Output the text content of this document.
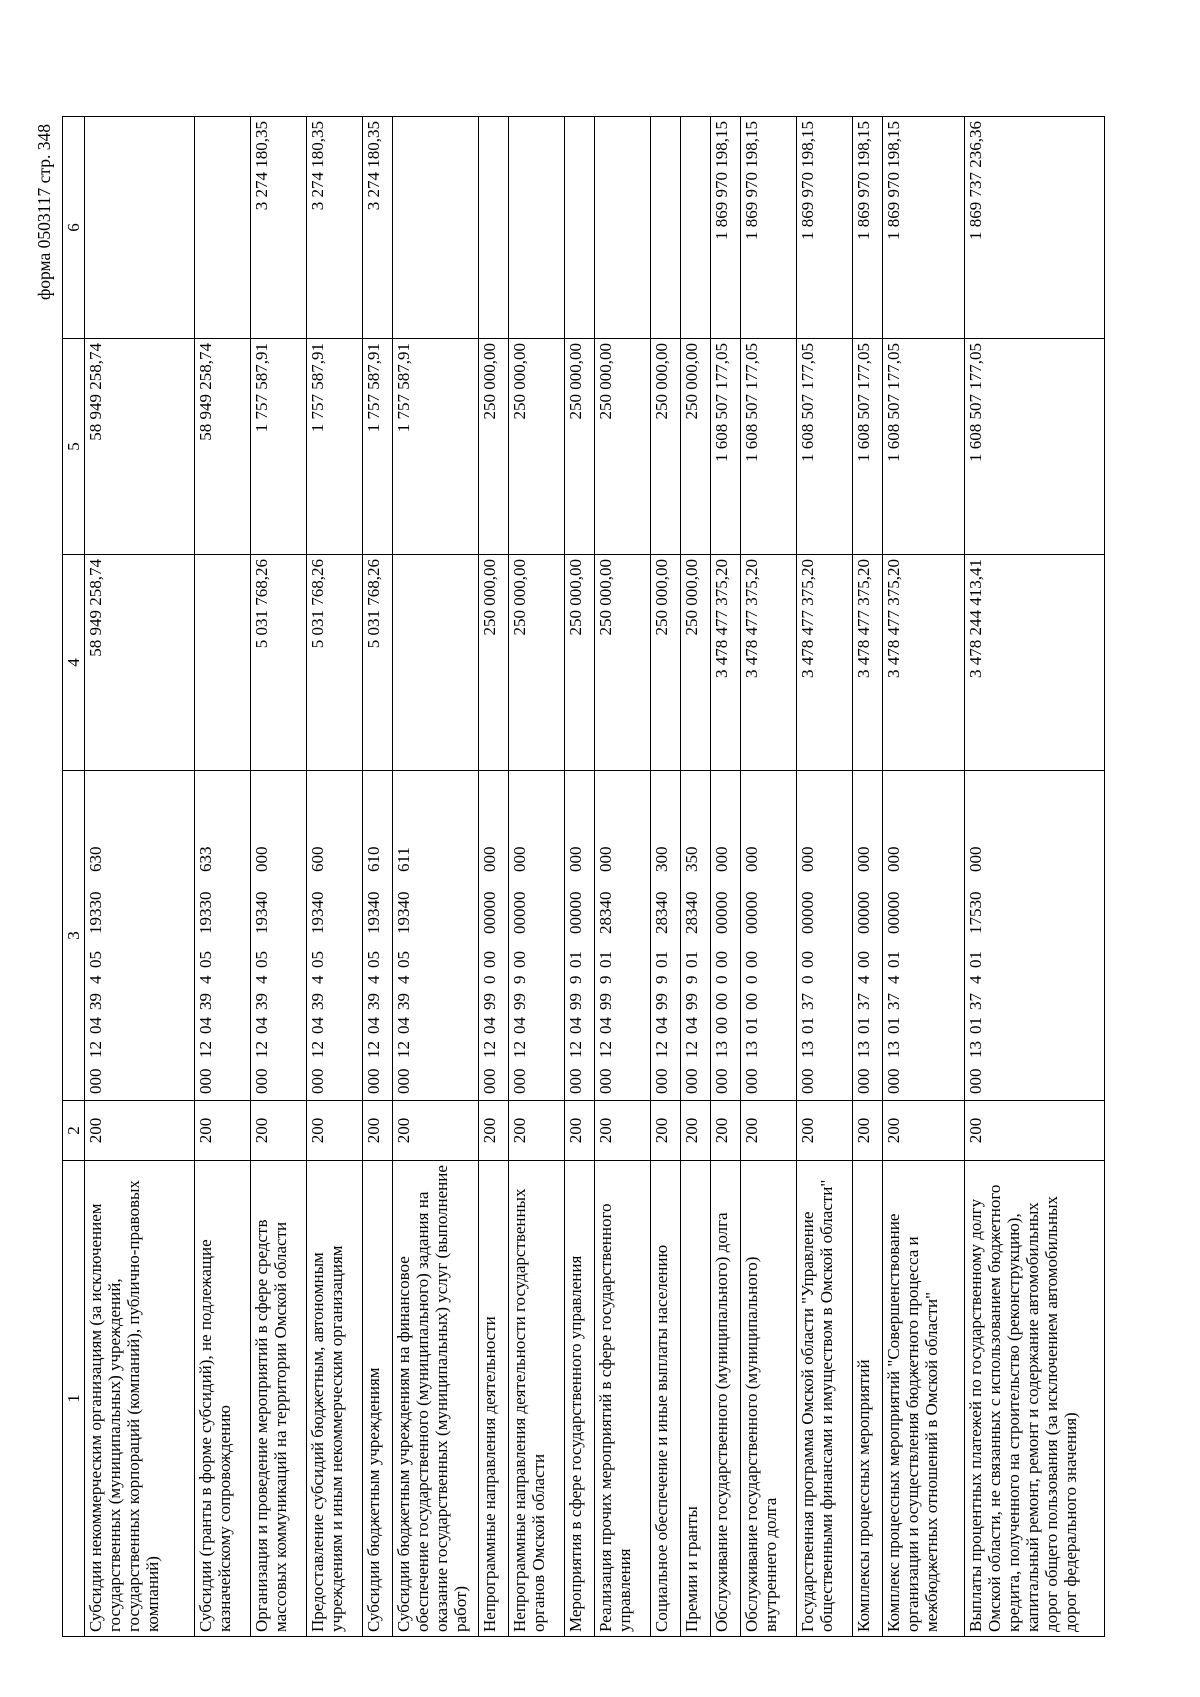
форма 0503117 стр. 348
1	2	3	4	5	6
Субсидии некоммерческим организациям (за исключением государственных (муниципальных) учреждений, государственных корпораций (компаний), публично-правовых компаний)	200	00012043940519330630	58 949 258,74	58 949 258,74	
Субсидии (гранты в форме субсидий), не подлежащие казначейскому сопровождению	200	00012043940519330633		58 949 258,74	
Организация и проведение мероприятий в сфере средств массовых коммуникаций на территории Омской области	200	00012043940519340000	5 031 768,26	1 757 587,91	3 274 180,35
Предоставление субсидий бюджетным, автономным учреждениям и иным некоммерческим организациям	200	00012043940519340600	5 031 768,26	1 757 587,91	3 274 180,35
Субсидии бюджетным учреждениям	200	00012043940519340610	5 031 768,26	1 757 587,91	3 274 180,35
Субсидии бюджетным учреждениям на финансовое обеспечение государственного (муниципального) задания на оказание государственных (муниципальных) услуг (выполнение работ)	200	00012043940519340611		1 757 587,91	
Непрограммные направления деятельности	200	00012049900000000000	250 000,00	250 000,00	
Непрограммные направления деятельности государственных органов Омской области	200	00012049990000000000	250 000,00	250 000,00	
Мероприятия в сфере государственного управления	200	00012049990100000000	250 000,00	250 000,00	
Реализация прочих мероприятий в сфере государственного управления	200	00012049990128340000	250 000,00	250 000,00	
Социальное обеспечение и иные выплаты населению	200	00012049990128340300	250 000,00	250 000,00	
Премии и гранты	200	00012049990128340350	250 000,00	250 000,00	
Обслуживание государственного (муниципального) долга	200	00013000000000000000	3 478 477 375,20	1 608 507 177,05	1 869 970 198,15
Обслуживание государственного (муниципального) внутреннего долга	200	00013010000000000000	3 478 477 375,20	1 608 507 177,05	1 869 970 198,15
Государственная программа Омской области "Управление общественными финансами и имуществом в Омской области"	200	00013013700000000000	3 478 477 375,20	1 608 507 177,05	1 869 970 198,15
Комплексы процессных мероприятий	200	00013013740000000000	3 478 477 375,20	1 608 507 177,05	1 869 970 198,15
Комплекс процессных мероприятий "Совершенствование организации и осуществления бюджетного процесса и межбюджетных отношений в Омской области"	200	00013013740100000000	3 478 477 375,20	1 608 507 177,05	1 869 970 198,15
Выплаты процентных платежей по государственному долгу Омской области, не связанных с использованием бюджетного кредита, полученного на строительство (реконструкцию), капитальный ремонт, ремонт и содержание автомобильных дорог общего пользования (за исключением автомобильных дорог федерального значения)	200	00013013740117530000	3 478 244 413,41	1 608 507 177,05	1 869 737 236,36
